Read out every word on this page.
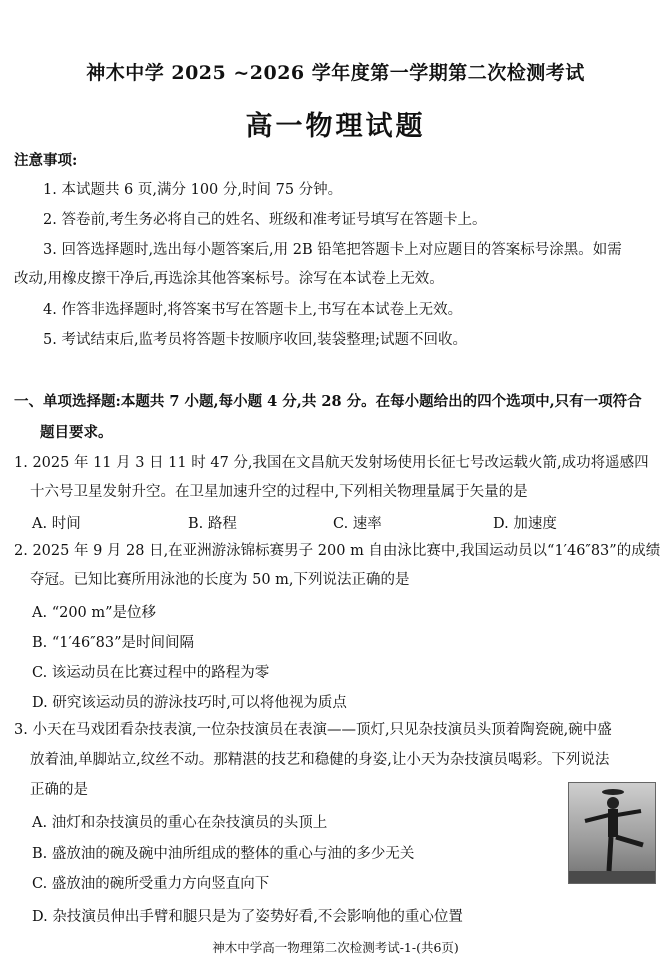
神木中学 2025 ~2026 学年度第一学期第二次检测考试
高一物理试题
注意事项:
1. 本试题共 6 页,满分 100 分,时间 75 分钟。
2. 答卷前,考生务必将自己的姓名、班级和准考证号填写在答题卡上。
3. 回答选择题时,选出每小题答案后,用 2B 铅笔把答题卡上对应题目的答案标号涂黑。如需
改动,用橡皮擦干净后,再选涂其他答案标号。涂写在本试卷上无效。
4. 作答非选择题时,将答案书写在答题卡上,书写在本试卷上无效。
5. 考试结束后,监考员将答题卡按顺序收回,装袋整理;试题不回收。
一、单项选择题:本题共 7 小题,每小题 4 分,共 28 分。在每小题给出的四个选项中,只有一项符合
题目要求。
1. 2025 年 11 月 3 日 11 时 47 分,我国在文昌航天发射场使用长征七号改运载火箭,成功将遥感四
十六号卫星发射升空。在卫星加速升空的过程中,下列相关物理量属于矢量的是
A. 时间	B. 路程	C. 速率	D. 加速度
2. 2025 年 9 月 28 日,在亚洲游泳锦标赛男子 200 m 自由泳比赛中,我国运动员以“1′46″83”的成绩
夺冠。已知比赛所用泳池的长度为 50 m,下列说法正确的是
A. “200 m”是位移
B. “1′46″83”是时间间隔
C. 该运动员在比赛过程中的路程为零
D. 研究该运动员的游泳技巧时,可以将他视为质点
3. 小天在马戏团看杂技表演,一位杂技演员在表演——顶灯,只见杂技演员头顶着陶瓷碗,碗中盛
放着油,单脚站立,纹丝不动。那精湛的技艺和稳健的身姿,让小天为杂技演员喝彩。下列说法
正确的是
A. 油灯和杂技演员的重心在杂技演员的头顶上
B. 盛放油的碗及碗中油所组成的整体的重心与油的多少无关
C. 盛放油的碗所受重力方向竖直向下
D. 杂技演员伸出手臂和腿只是为了姿势好看,不会影响他的重心位置
神木中学高一物理第二次检测考试-1-(共6页)
